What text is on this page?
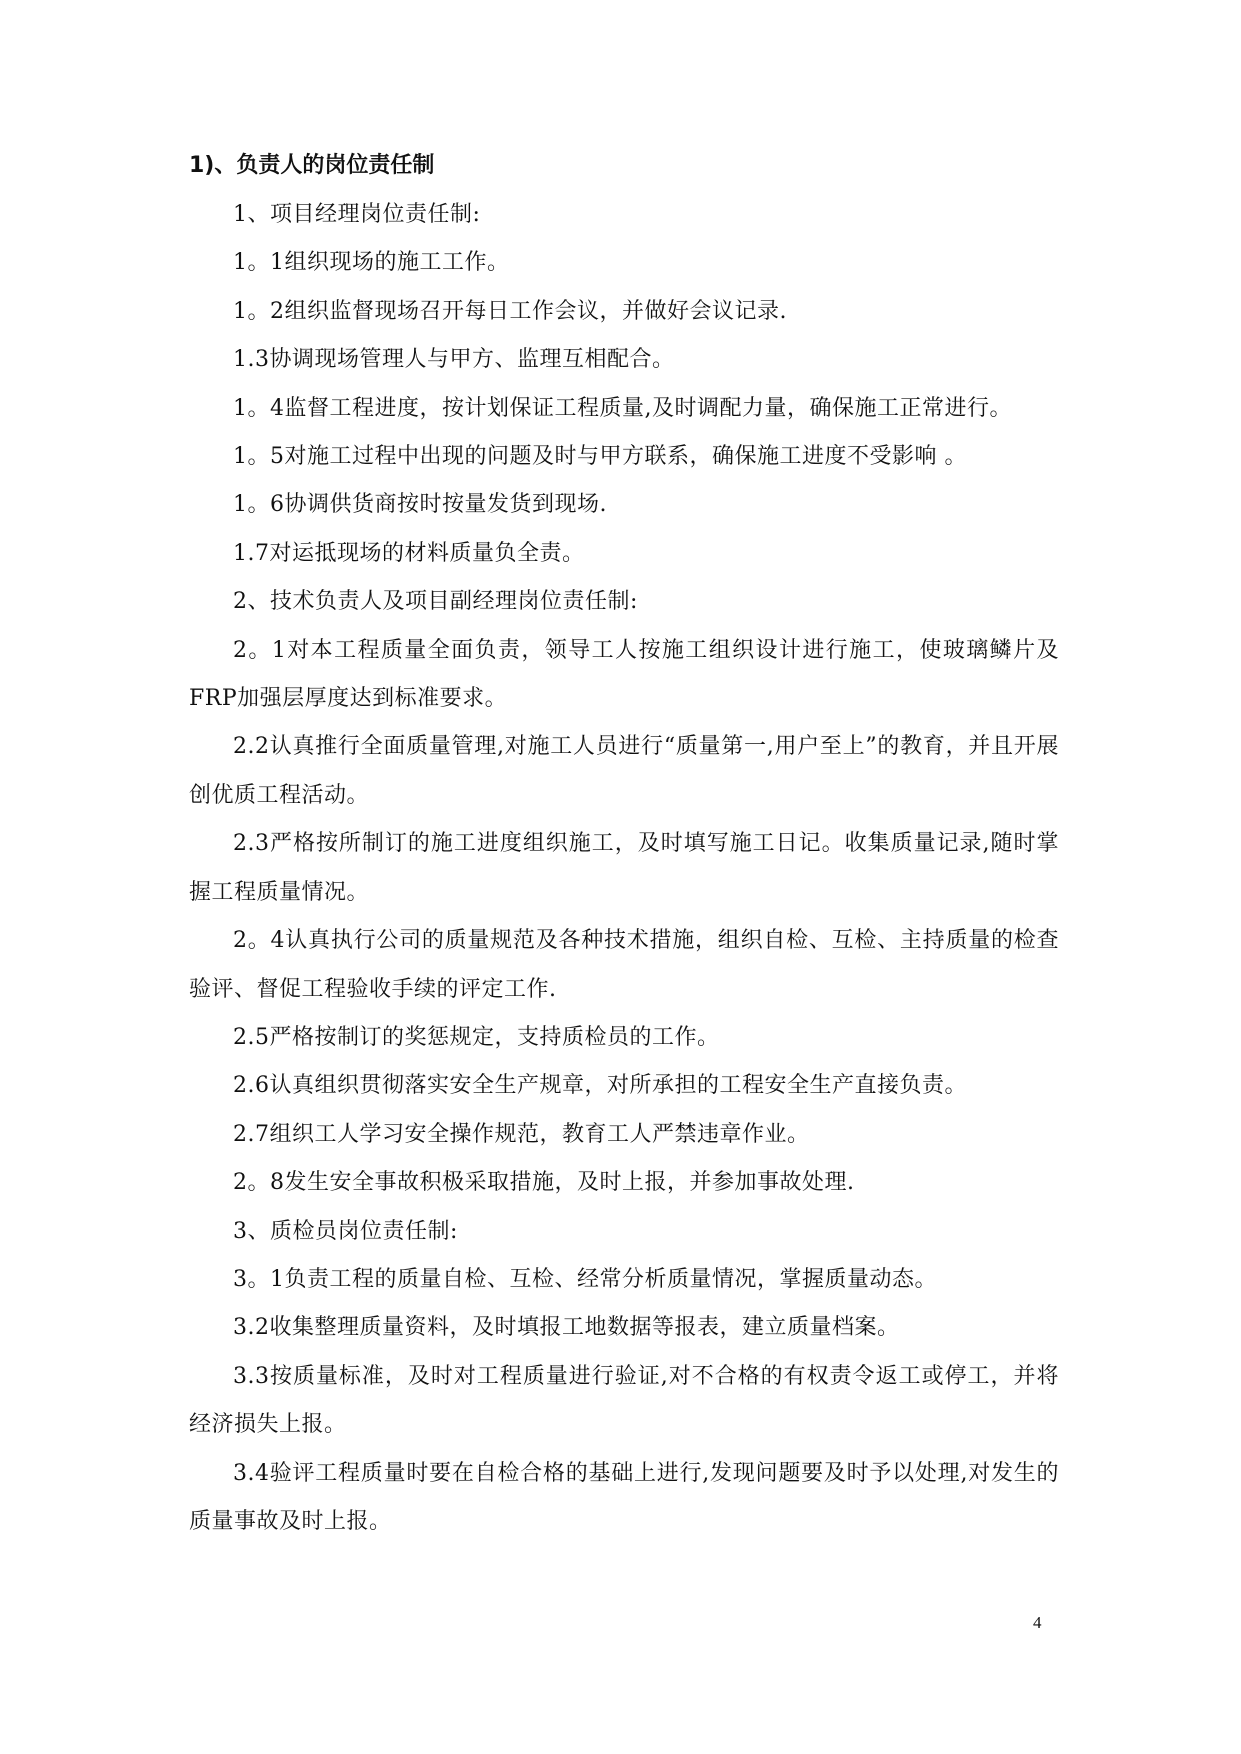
1)、负责人的岗位责任制

1、项目经理岗位责任制:

1。1组织现场的施工工作。

1。2组织监督现场召开每日工作会议，并做好会议记录.

1.3协调现场管理人与甲方、监理互相配合。

1。4监督工程进度，按计划保证工程质量,及时调配力量，确保施工正常进行。

1。5对施工过程中出现的问题及时与甲方联系，确保施工进度不受影响 。

1。6协调供货商按时按量发货到现场.

1.7对运抵现场的材料质量负全责。

2、技术负责人及项目副经理岗位责任制:

2。1对本工程质量全面负责，领导工人按施工组织设计进行施工，使玻璃鳞片及FRP加强层厚度达到标准要求。

2.2认真推行全面质量管理,对施工人员进行“质量第一,用户至上”的教育，并且开展创优质工程活动。

2.3严格按所制订的施工进度组织施工，及时填写施工日记。收集质量记录,随时掌握工程质量情况。

2。4认真执行公司的质量规范及各种技术措施，组织自检、互检、主持质量的检查验评、督促工程验收手续的评定工作.

2.5严格按制订的奖惩规定，支持质检员的工作。

2.6认真组织贯彻落实安全生产规章，对所承担的工程安全生产直接负责。

2.7组织工人学习安全操作规范，教育工人严禁违章作业。

2。8发生安全事故积极采取措施，及时上报，并参加事故处理.

3、质检员岗位责任制:

3。1负责工程的质量自检、互检、经常分析质量情况，掌握质量动态。

3.2收集整理质量资料，及时填报工地数据等报表，建立质量档案。

3.3按质量标准，及时对工程质量进行验证,对不合格的有权责令返工或停工，并将经济损失上报。

3.4验评工程质量时要在自检合格的基础上进行,发现问题要及时予以处理,对发生的质量事故及时上报。

4
